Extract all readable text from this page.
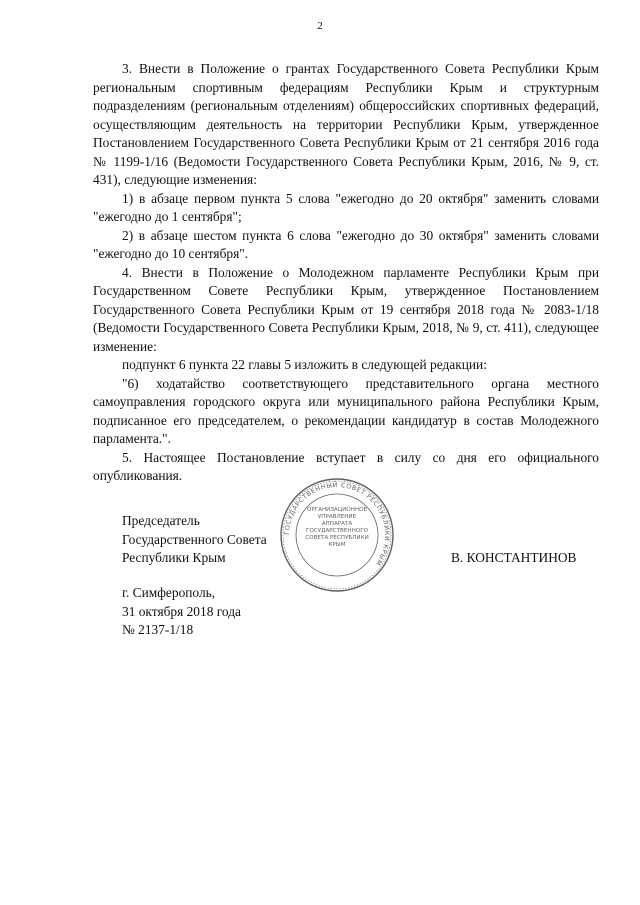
2

3. Внести в Положение о грантах Государственного Совета Республики Крым региональным спортивным федерациям Республики Крым и структурным подразделениям (региональным отделениям) общероссийских спортивных федераций, осуществляющим деятельность на территории Республики Крым, утвержденное Постановлением Государственного Совета Республики Крым от 21 сентября 2016 года № 1199-1/16 (Ведомости Государственного Совета Республики Крым, 2016, № 9, ст. 431), следующие изменения:

1) в абзаце первом пункта 5 слова "ежегодно до 20 октября" заменить словами "ежегодно до 1 сентября";

2) в абзаце шестом пункта 6 слова "ежегодно до 30 октября" заменить словами "ежегодно до 10 сентября".

4. Внести в Положение о Молодежном парламенте Республики Крым при Государственном Совете Республики Крым, утвержденное Постановлением Государственного Совета Республики Крым от 19 сентября 2018 года № 2083-1/18 (Ведомости Государственного Совета Республики Крым, 2018, № 9, ст. 411), следующее изменение:

подпункт 6 пункта 22 главы 5 изложить в следующей редакции:

"6) ходатайство соответствующего представительного органа местного самоуправления городского округа или муниципального района Республики Крым, подписанное его председателем, о рекомендации кандидатур в состав Молодежного парламента.".

5. Настоящее Постановление вступает в силу со дня его официального опубликования.

ГОСУДАРСТВЕННЫЙ СОВЕТ РЕСПУБЛИКИ КРЫМ
ОРГАНИЗАЦИОННОЕ УПРАВЛЕНИЕ АППАРАТА ГОСУДАРСТВЕННОГО СОВЕТА РЕСПУБЛИКИ КРЫМ
Председатель
Государственного Совета
Республики Крым	В. КОНСТАНТИНОВ
г. Симферополь,
31 октября 2018 года
№ 2137-1/18
